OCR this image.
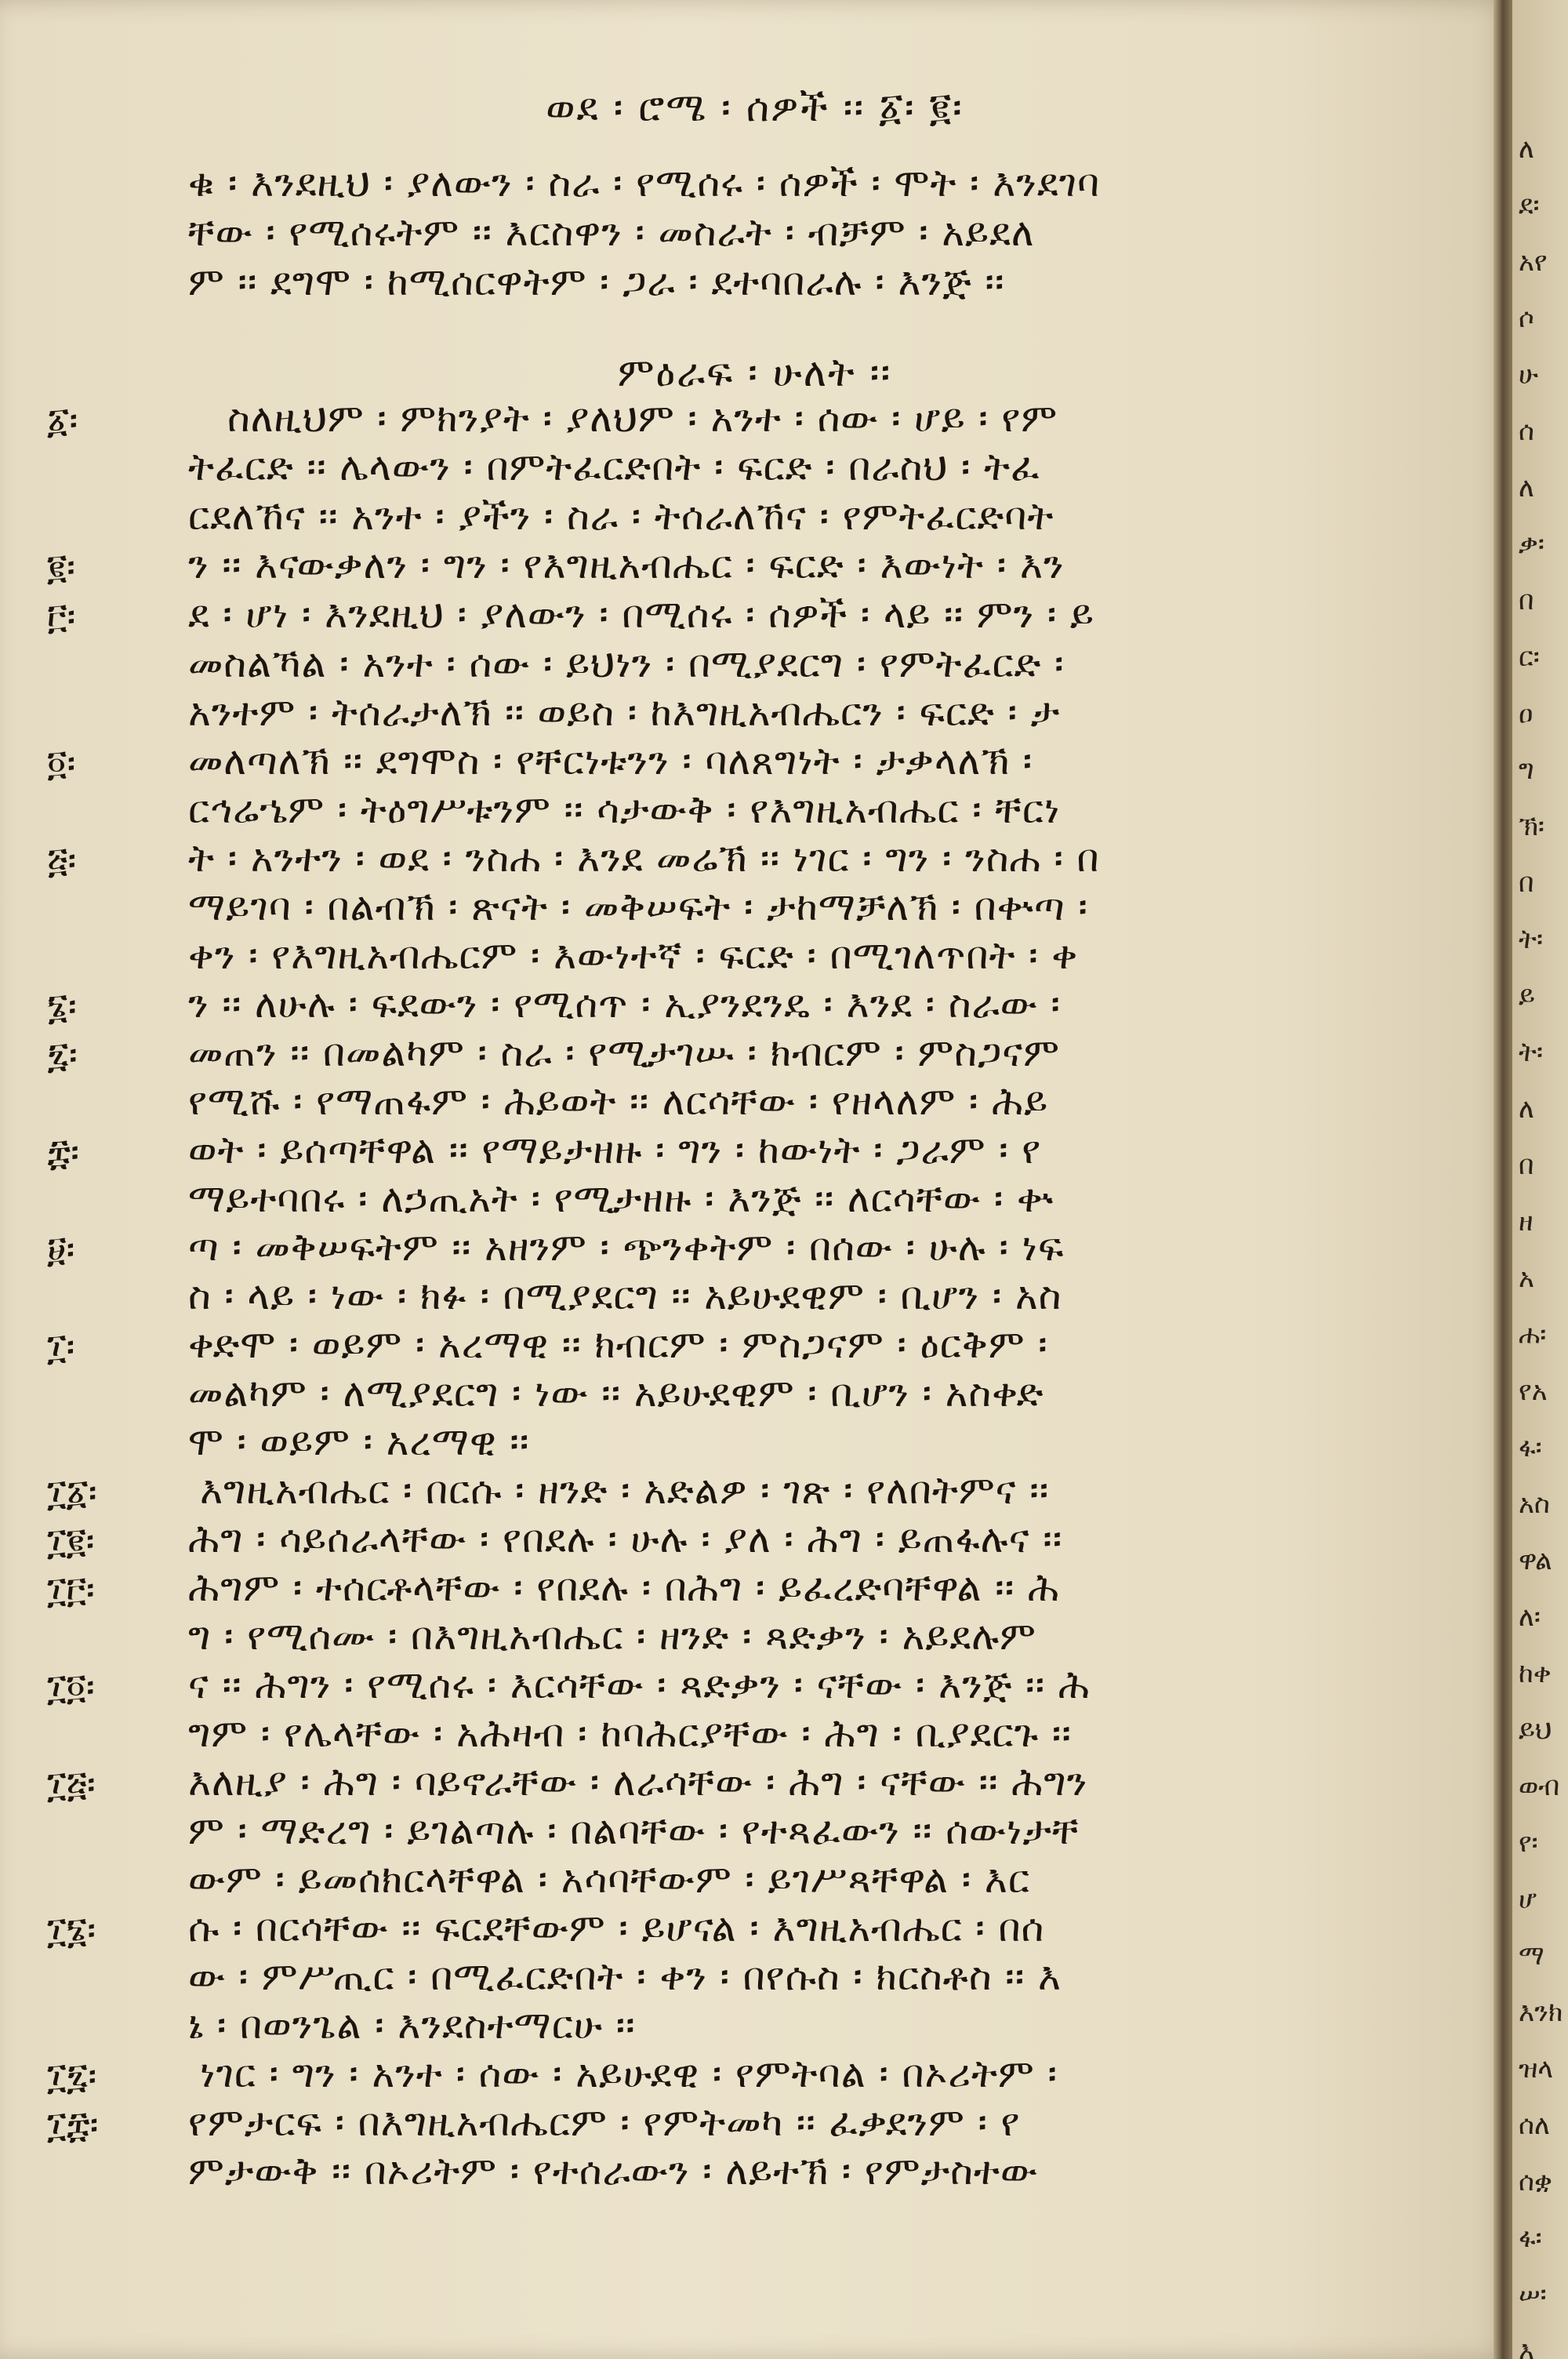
ወደ ፡ ሮሜ ፡ ሰዎች ፡፡ ፩፡ ፪፡
ምዕራፍ ፡ ሁለት ፡፡
ቁ ፡ እንደዚህ ፡ ያለውን ፡ ስራ ፡ የሚሰሩ ፡ ሰዎች ፡ ሞት ፡ እንደገባ
ቸው ፡ የሚሰሩትም ፡፡ እርስዋን ፡ መስራት ፡ ብቻም ፡ አይደለ
ም ፡፡ ደግሞ ፡ ከሚሰርዋትም ፡ ጋራ ፡ ደተባበራሉ ፡ እንጅ ፡፡
ስለዚህም ፡ ምክንያት ፡ ያለህም ፡ አንተ ፡ ሰው ፡ ሆይ ፡ የም
ትፈርድ ፡፡ ሌላውን ፡ በምትፈርድበት ፡ ፍርድ ፡ በራስህ ፡ ትፈ
ርደለኸና ፡፡ አንተ ፡ ያችን ፡ ስራ ፡ ትሰራለኸና ፡ የምትፈርድባት
ን ፡፡ እናውቃለን ፡ ግን ፡ የእግዚአብሔር ፡ ፍርድ ፡ እውነት ፡ እን
ደ ፡ ሆነ ፡ እንደዚህ ፡ ያለውን ፡ በሚሰሩ ፡ ሰዎች ፡ ላይ ፡፡ ምን ፡ ይ
መስልኻል ፡ አንተ ፡ ሰው ፡ ይህነን ፡ በሚያደርግ ፡ የምትፈርድ ፡
አንተም ፡ ትሰራታለኽ ፡፡ ወይስ ፡ ከእግዚአብሔርን ፡ ፍርድ ፡ ታ
መለጣለኽ ፡፡ ደግሞስ ፡ የቸርነቱንን ፡ ባለጸግነት ፡ ታቃላለኽ ፡
ርኅሬኄም ፡ ትዕግሥቱንም ፡፡ ሳታውቅ ፡ የእግዚአብሔር ፡ ቸርነ
ት ፡ አንተን ፡ ወደ ፡ ንስሐ ፡ እንደ መሬኽ ፡፡ ነገር ፡ ግን ፡ ንስሐ ፡ በ
ማይገባ ፡ በልብኽ ፡ ጽናት ፡ መቅሠፍት ፡ ታከማቻለኽ ፡ በቍጣ ፡
ቀን ፡ የእግዚአብሔርም ፡ እውነተኛ ፡ ፍርድ ፡ በሚገለጥበት ፡ ቀ
ን ፡፡ ለሁሉ ፡ ፍደውን ፡ የሚሰጥ ፡ ኢያንደንዴ ፡ እንደ ፡ ስራው ፡
መጠን ፡፡ በመልካም ፡ ስራ ፡ የሚታገሡ ፡ ክብርም ፡ ምስጋናም
የሚሹ ፡ የማጠፋም ፡ ሕይወት ፡፡ ለርሳቸው ፡ የዘላለም ፡ ሕይ
ወት ፡ ይሰጣቸዋል ፡፡ የማይታዘዙ ፡ ግን ፡ ከውነት ፡ ጋራም ፡ የ
ማይተባበሩ ፡ ለኃጢአት ፡ የሚታዘዙ ፡ እንጅ ፡፡ ለርሳቸው ፡ ቍ
ጣ ፡ መቅሠፍትም ፡፡ አዘንም ፡ ጭንቀትም ፡ በሰው ፡ ሁሉ ፡ ነፍ
ስ ፡ ላይ ፡ ነው ፡ ክፉ ፡ በሚያደርግ ፡፡ አይሁደዊም ፡ ቢሆን ፡ አስ
ቀድሞ ፡ ወይም ፡ አረማዊ ፡፡ ክብርም ፡ ምስጋናም ፡ ዕርቅም ፡
መልካም ፡ ለሚያደርግ ፡ ነው ፡፡ አይሁደዊም ፡ ቢሆን ፡ አስቀድ
ሞ ፡ ወይም ፡ አረማዊ ፡፡
እግዚአብሔር ፡ በርሱ ፡ ዘንድ ፡ አድልዎ ፡ ገጽ ፡ የለበትምና ፡፡
ሕግ ፡ ሳይሰራላቸው ፡ የበደሉ ፡ ሁሉ ፡ ያለ ፡ ሕግ ፡ ይጠፋሉና ፡፡
ሕግም ፡ ተሰርቶላቸው ፡ የበደሉ ፡ በሕግ ፡ ይፈረድባቸዋል ፡፡ ሕ
ግ ፡ የሚሰሙ ፡ በእግዚአብሔር ፡ ዘንድ ፡ ጻድቃን ፡ አይደሉም
ና ፡፡ ሕግን ፡ የሚሰሩ ፡ እርሳቸው ፡ ጻድቃን ፡ ናቸው ፡ እንጅ ፡፡ ሕ
ግም ፡ የሌላቸው ፡ አሕዛብ ፡ ከባሕርያቸው ፡ ሕግ ፡ ቢያደርጉ ፡፡
እለዚያ ፡ ሕግ ፡ ባይኖራቸው ፡ ለራሳቸው ፡ ሕግ ፡ ናቸው ፡፡ ሕግን
ም ፡ ማድረግ ፡ ይገልጣሉ ፡ በልባቸው ፡ የተጻፈውን ፡፡ ሰውነታቸ
ውም ፡ ይመሰክርላቸዋል ፡ አሳባቸውም ፡ ይገሥጻቸዋል ፡ እር
ሱ ፡ በርሳቸው ፡፡ ፍርደቸውም ፡ ይሆናል ፡ እግዚአብሔር ፡ በሰ
ው ፡ ምሥጢር ፡ በሚፈርድበት ፡ ቀን ፡ በየሱስ ፡ ክርስቶስ ፡፡ እ
ኔ ፡ በወንጌል ፡ እንደስተማርሁ ፡፡
ነገር ፡ ግን ፡ አንተ ፡ ሰው ፡ አይሁደዊ ፡ የምትባል ፡ በኦሪትም ፡
የምታርፍ ፡ በእግዚአብሔርም ፡ የምትመካ ፡፡ ፈቃደንም ፡ የ
ምታውቅ ፡፡ በኦሪትም ፡ የተሰራውን ፡ ለይተኽ ፡ የምታስተው
፩፡
፪፡
፫፡
፬፡
፭፡
፮፡
፯፡
፰፡
፱፡
፲፡
፲፩፡
፲፪፡
፲፫፡
፲፬፡
፲፭፡
፲፮፡
፲፯፡
፲፰፡
ለ
ደ፡
አየ
ሶ
ሁ
ሰ
ለ
ቃ፡
በ
ር፡
ዐ
ግ
ኽ፡
በ
ት፡
ይ
ት፡
ለ
በ
ዘ
አ
ሐ፡
የአ
ፋ፡
አስ
ዋል
ለ፡
ከቀ
ይህ
ወብ
የ፡
ሆ
ማ
እንክ
ዝላ
ሰለ
ሰቋ
ፋ፡
ሠ፡
እ
